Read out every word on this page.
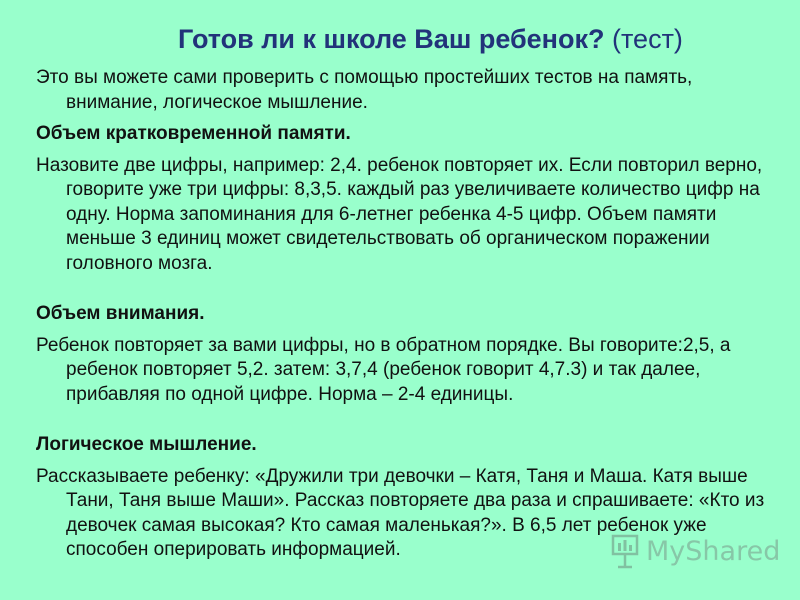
Готов ли к школе Ваш ребенок? (тест)

Это вы можете сами проверить с помощью простейших тестов на память, внимание, логическое мышление.

Объем кратковременной памяти.

Назовите две цифры, например: 2,4. ребенок повторяет их. Если повторил верно, говорите уже три цифры: 8,3,5. каждый раз увеличиваете количество цифр на одну. Норма запоминания для 6-летнег ребенка 4-5 цифр. Объем памяти меньше 3 единиц может свидетельствовать об органическом поражении головного мозга.

Объем внимания.

Ребенок повторяет за вами цифры, но в обратном порядке. Вы говорите:2,5, а ребенок повторяет 5,2. затем: 3,7,4 (ребенок говорит 4,7.3) и так далее, прибавляя по одной цифре. Норма – 2-4 единицы.

Логическое мышление.

Рассказываете ребенку: «Дружили три девочки – Катя, Таня и Маша. Катя выше Тани, Таня выше Маши». Рассказ повторяете два раза и спрашиваете: «Кто из девочек самая высокая? Кто самая маленькая?». В 6,5 лет ребенок уже способен оперировать информацией.	MyShared
